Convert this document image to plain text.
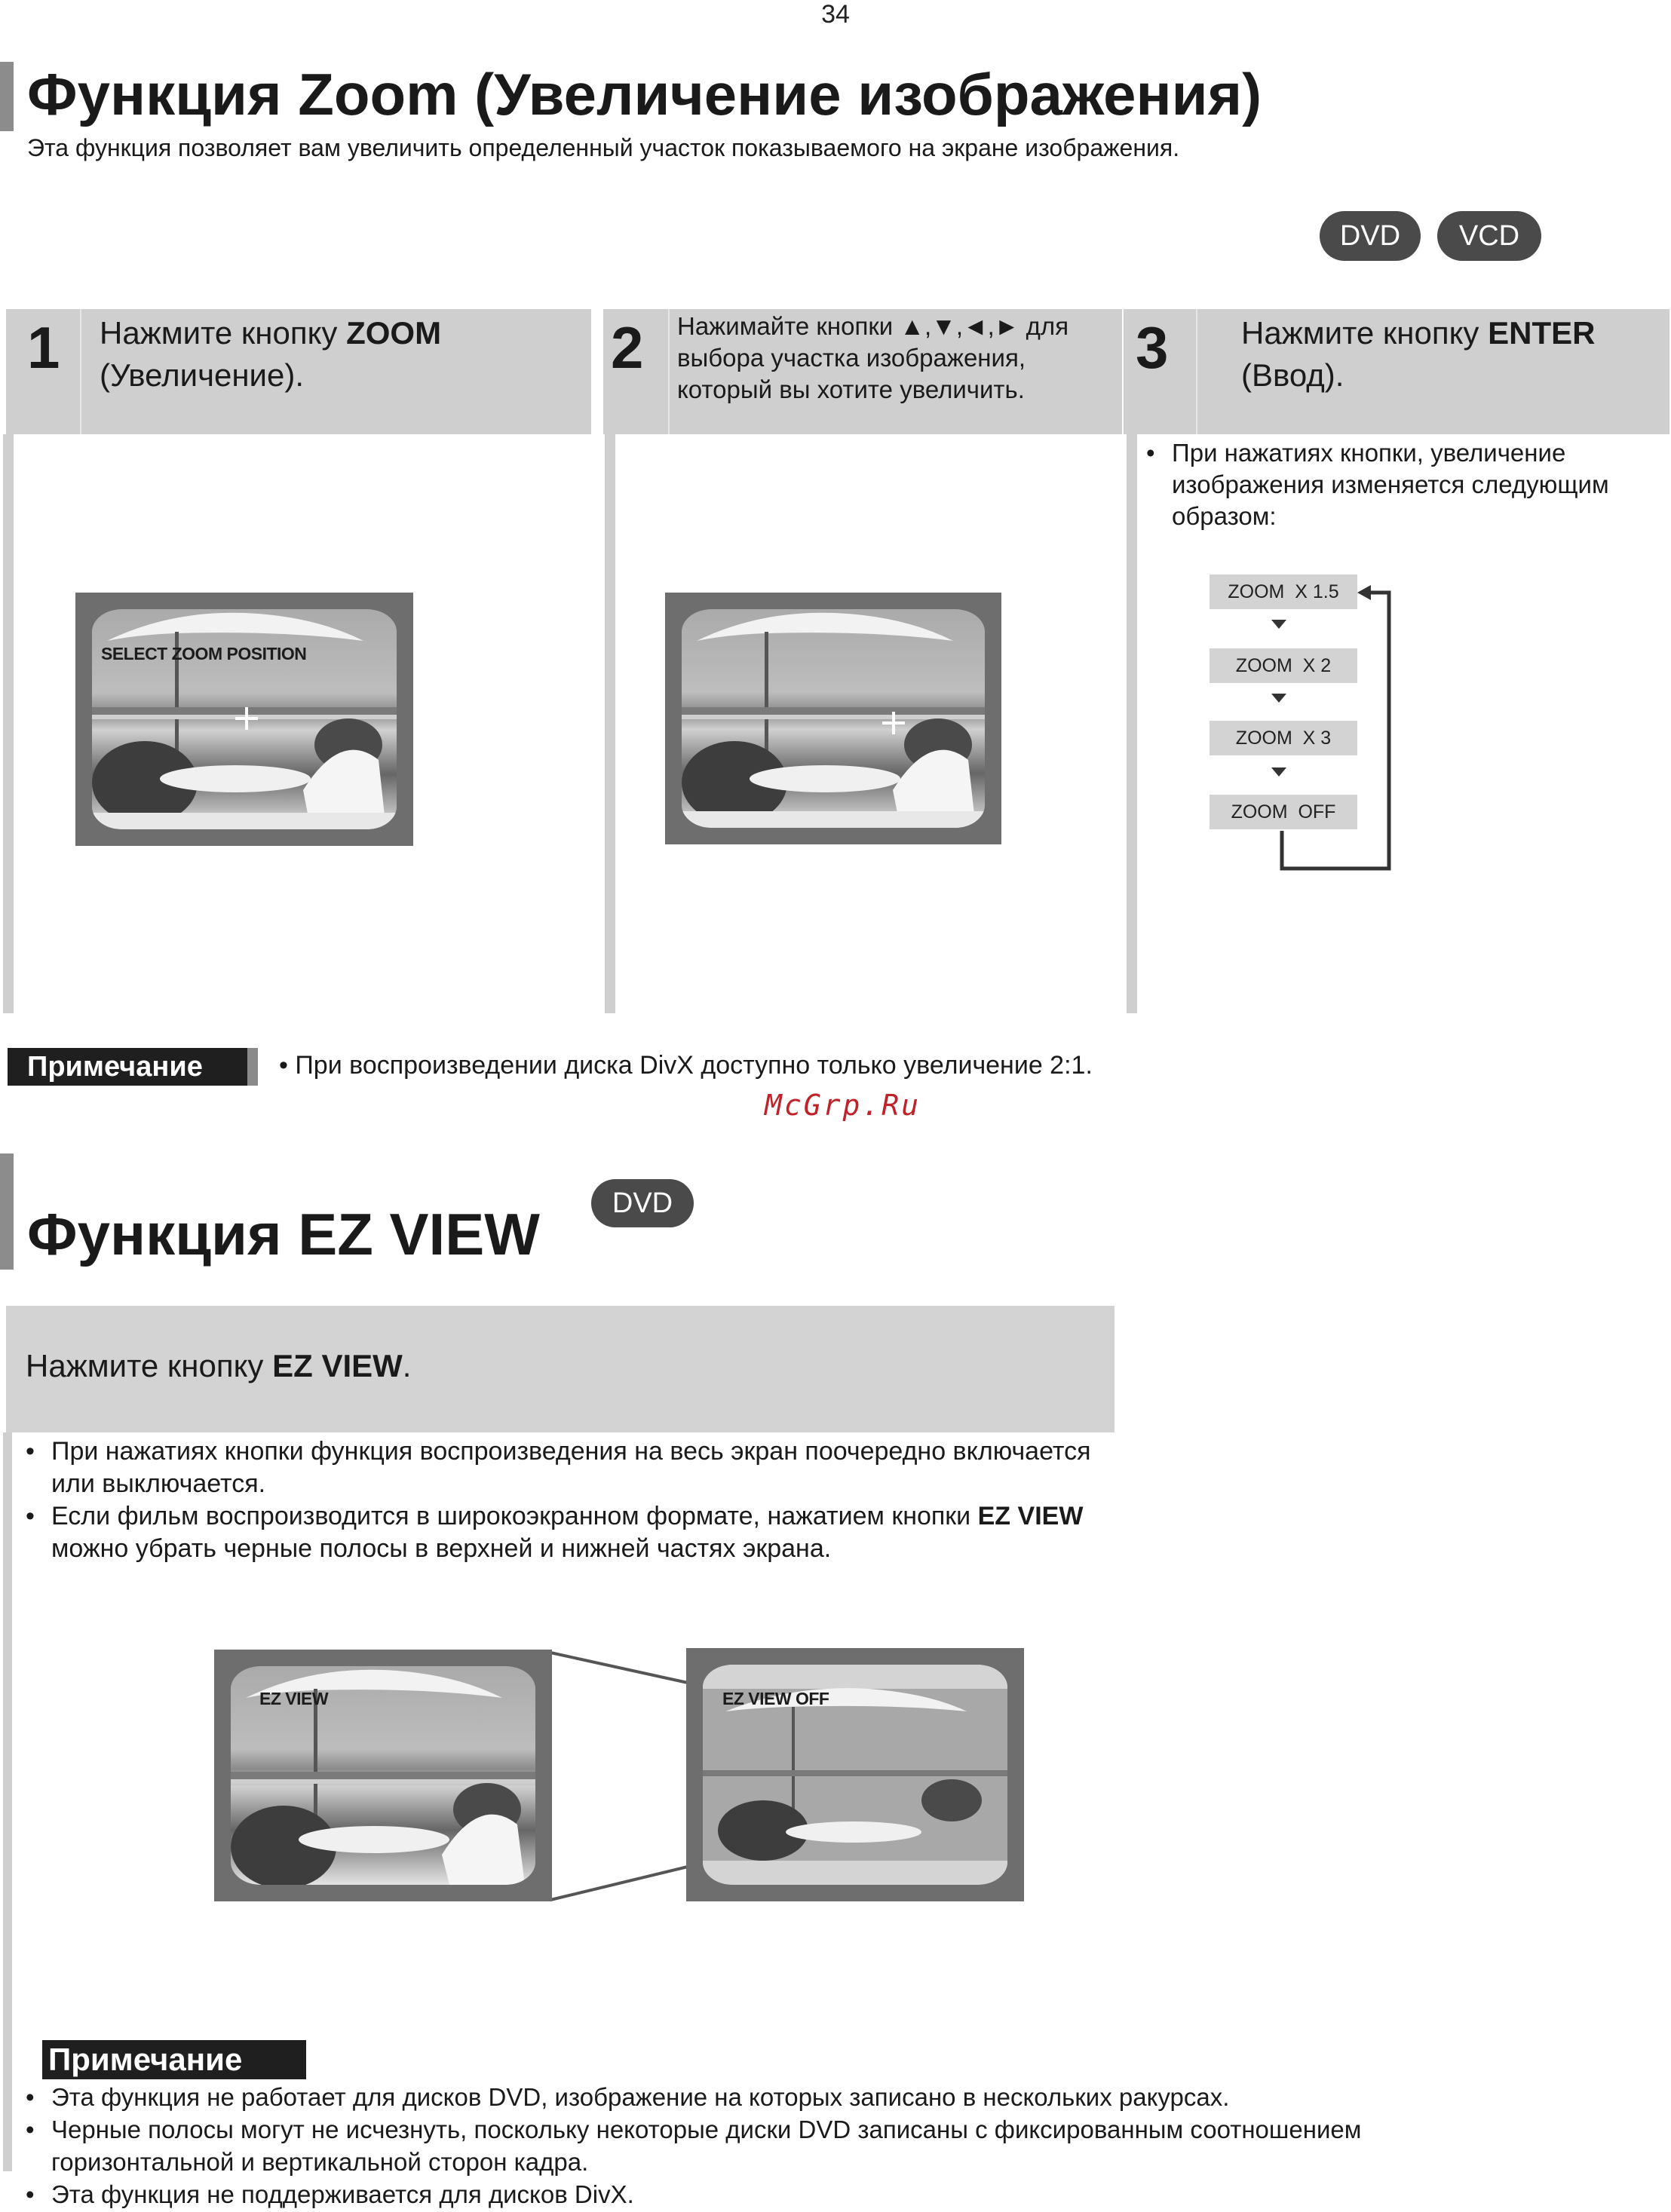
34
Функция Zoom (Увеличение изображения)
Эта функция позволяет вам увеличить определенный участок показываемого на экране изображения.
DVD	VCD
1 Нажмите кнопку ZOOM
(Увеличение).
SELECT ZOOM POSITION
2 Нажимайте кнопки ▲,▼,◄,► для выбора участка изображения, который вы хотите увеличить.
3 Нажмите кнопку ENTER
(Ввод).
• При нажатиях кнопки, увеличение изображения изменяется следующим образом:
ZOOM  X 1.5
ZOOM  X 2
ZOOM  X 3
ZOOM  OFF
Примечание	• При воспроизведении диска DivX доступно только увеличение 2:1.
McGrp.Ru
Функция EZ VIEW	DVD
Нажмите кнопку EZ VIEW.
• При нажатиях кнопки функция воспроизведения на весь экран поочередно включается или выключается.
• Если фильм воспроизводится в широкоэкранном формате, нажатием кнопки EZ VIEW можно убрать черные полосы в верхней и нижней частях экрана.
EZ VIEW	EZ VIEW OFF
Примечание
• Эта функция не работает для дисков DVD, изображение на которых записано в нескольких ракурсах.
• Черные полосы могут не исчезнуть, поскольку некоторые диски DVD записаны с фиксированным соотношением горизонтальной и вертикальной сторон кадра.
• Эта функция не поддерживается для дисков DivX.
